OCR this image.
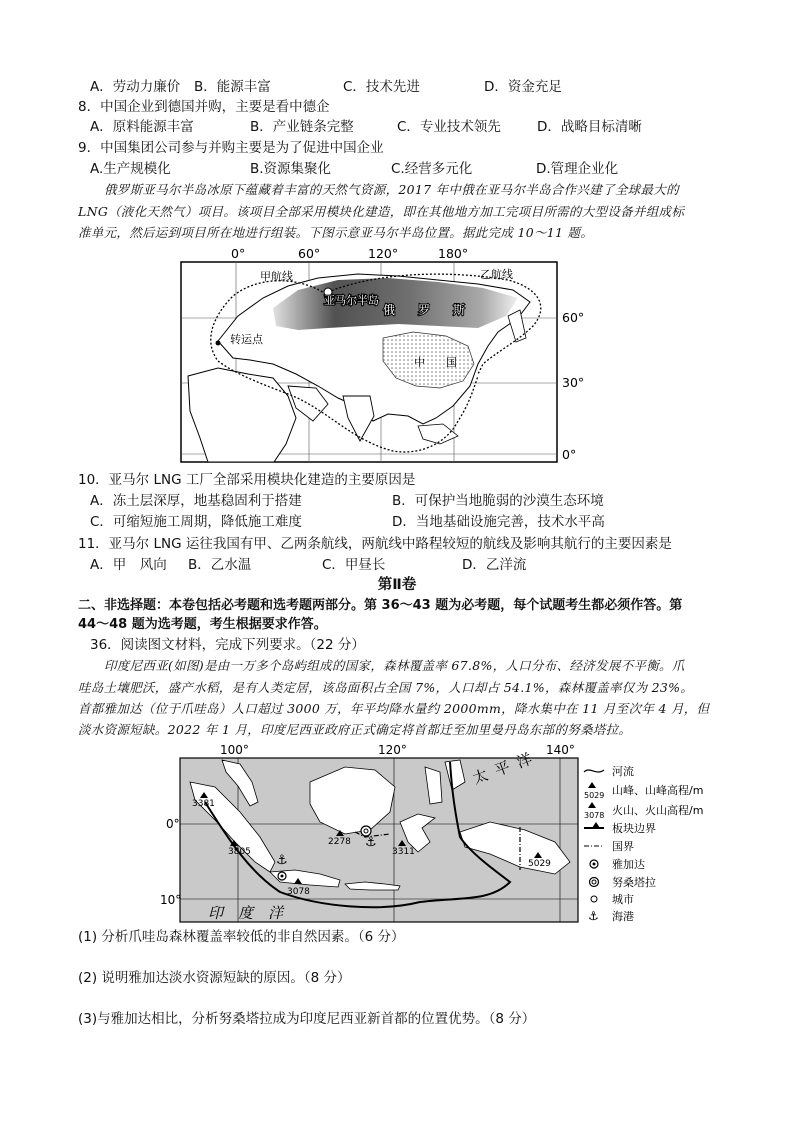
A．劳动力廉价 B．能源丰富	C．技术先进	D．资金充足
8．中国企业到德国并购，主要是看中德企
A．原料能源丰富	B．产业链条完整	C．专业技术领先	D．战略目标清晰
9．中国集团公司参与并购主要是为了促进中国企业
A.生产规模化	B.资源集聚化	C.经营多元化	D.管理企业化
俄罗斯亚马尔半岛冰原下蕴藏着丰富的天然气资源，2017 年中俄在亚马尔半岛合作兴建了全球最大的
LNG（液化天然气）项目。该项目全部采用模块化建造，即在其他地方加工完项目所需的大型设备并组成标
准单元，然后运到项目所在地进行组装。下图示意亚马尔半岛位置。据此完成 10～11 题。
0°	60°	120°	180°
60°
30°
0°
甲航线	乙航线
亚马尔半岛
俄 罗 斯
中 国
转运点
10．亚马尔 LNG 工厂全部采用模块化建造的主要原因是
A．冻土层深厚，地基稳固利于搭建	B．可保护当地脆弱的沙漠生态环境
C．可缩短施工周期，降低施工难度	D．当地基础设施完善，技术水平高
11．亚马尔 LNG 运往我国有甲、乙两条航线，两航线中路程较短的航线及影响其航行的主要因素是
A．甲　风向 B．乙水温	C．甲昼长	D．乙洋流
第Ⅱ卷
二、非选择题：本卷包括必考题和选考题两部分。第 36～43 题为必考题，每个试题考生都必须作答。第
44～48 题为选考题，考生根据要求作答。
36．阅读图文材料，完成下列要求。（22 分）
印度尼西亚(如图)是由一万多个岛屿组成的国家，森林覆盖率 67.8%，人口分布、经济发展不平衡。爪
哇岛土壤肥沃，盛产水稻，是有人类定居，该岛面积占全国 7%，人口却占 54.1%，森林覆盖率仅为 23%。
首都雅加达（位于爪哇岛）人口超过 3000 万，年平均降水量约 2000mm，降水集中在 11 月至次年 4 月，但
淡水资源短缺。2022 年 1 月，印度尼西亚政府正式确定将首都迁至加里曼丹岛东部的努桑塔拉。
⚓
⚓
3381
3805
3078
2278
3311
5029
100°	120°	140°
0°
10°
太 平 洋
印 度 洋
河流
5029 山峰、山峰高程/m
3078 火山、火山高程/m
板块边界
国界
雅加达
努桑塔拉
城市
⚓ 海港
(1) 分析爪哇岛森林覆盖率较低的非自然因素。（6 分）
(2) 说明雅加达淡水资源短缺的原因。（8 分）
(3)与雅加达相比，分析努桑塔拉成为印度尼西亚新首都的位置优势。（8 分）
